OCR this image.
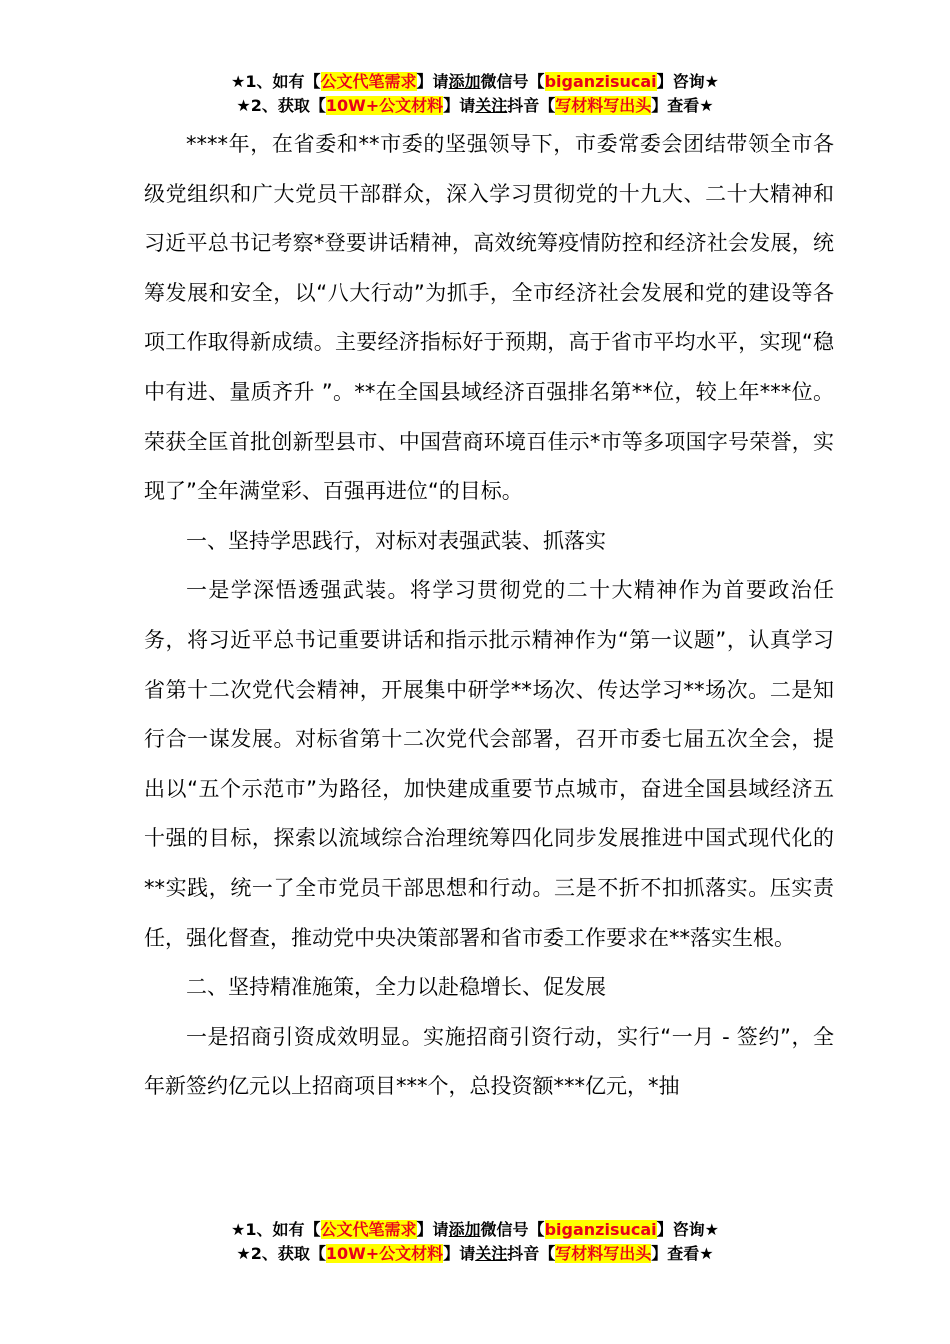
★1、如有【公文代笔需求】请添加微信号【biganzisucai】咨询★
★2、获取【10W+公文材料】请关注抖音【写材料写出头】查看★

****年，在省委和**市委的坚强领导下，市委常委会团结带领全市各级党组织和广大党员干部群众，深入学习贯彻党的十九大、二十大精神和习近平总书记考察*登要讲话精神，高效统筹疫情防控和经济社会发展，统筹发展和安全，以“八大行动”为抓手，全市经济社会发展和党的建设等各项工作取得新成绩。主要经济指标好于预期，高于省市平均水平，实现“稳中有进、量质齐升 ”。**在全国县域经济百强排名第**位，较上年***位。荣获全匡首批创新型县市、中国营商环境百佳示*市等多项国字号荣誉，实现了”全年满堂彩、百强再进位“的目标。

一、坚持学思践行，对标对表强武装、抓落实

一是学深悟透强武装。将学习贯彻党的二十大精神作为首要政治任务，将习近平总书记重要讲话和指示批示精神作为“第一议题”，认真学习省第十二次党代会精神，开展集中研学**场次、传达学习**场次。二是知行合一谋发展。对标省第十二次党代会部署，召开市委七届五次全会，提出以“五个示范市”为路径，加快建成重要节点城市，奋进全国县域经济五十强的目标，探索以流域综合治理统筹四化同步发展推进中国式现代化的**实践，统一了全市党员干部思想和行动。三是不折不扣抓落实。压实责任，强化督查，推动党中央决策部署和省市委工作要求在**落实生根。

二、坚持精准施策，全力以赴稳增长、促发展

一是招商引资成效明显。实施招商引资行动，实行“一月 - 签约”，全年新签约亿元以上招商项目***个，总投资额***亿元，*抽

★1、如有【公文代笔需求】请添加微信号【biganzisucai】咨询★
★2、获取【10W+公文材料】请关注抖音【写材料写出头】查看★
